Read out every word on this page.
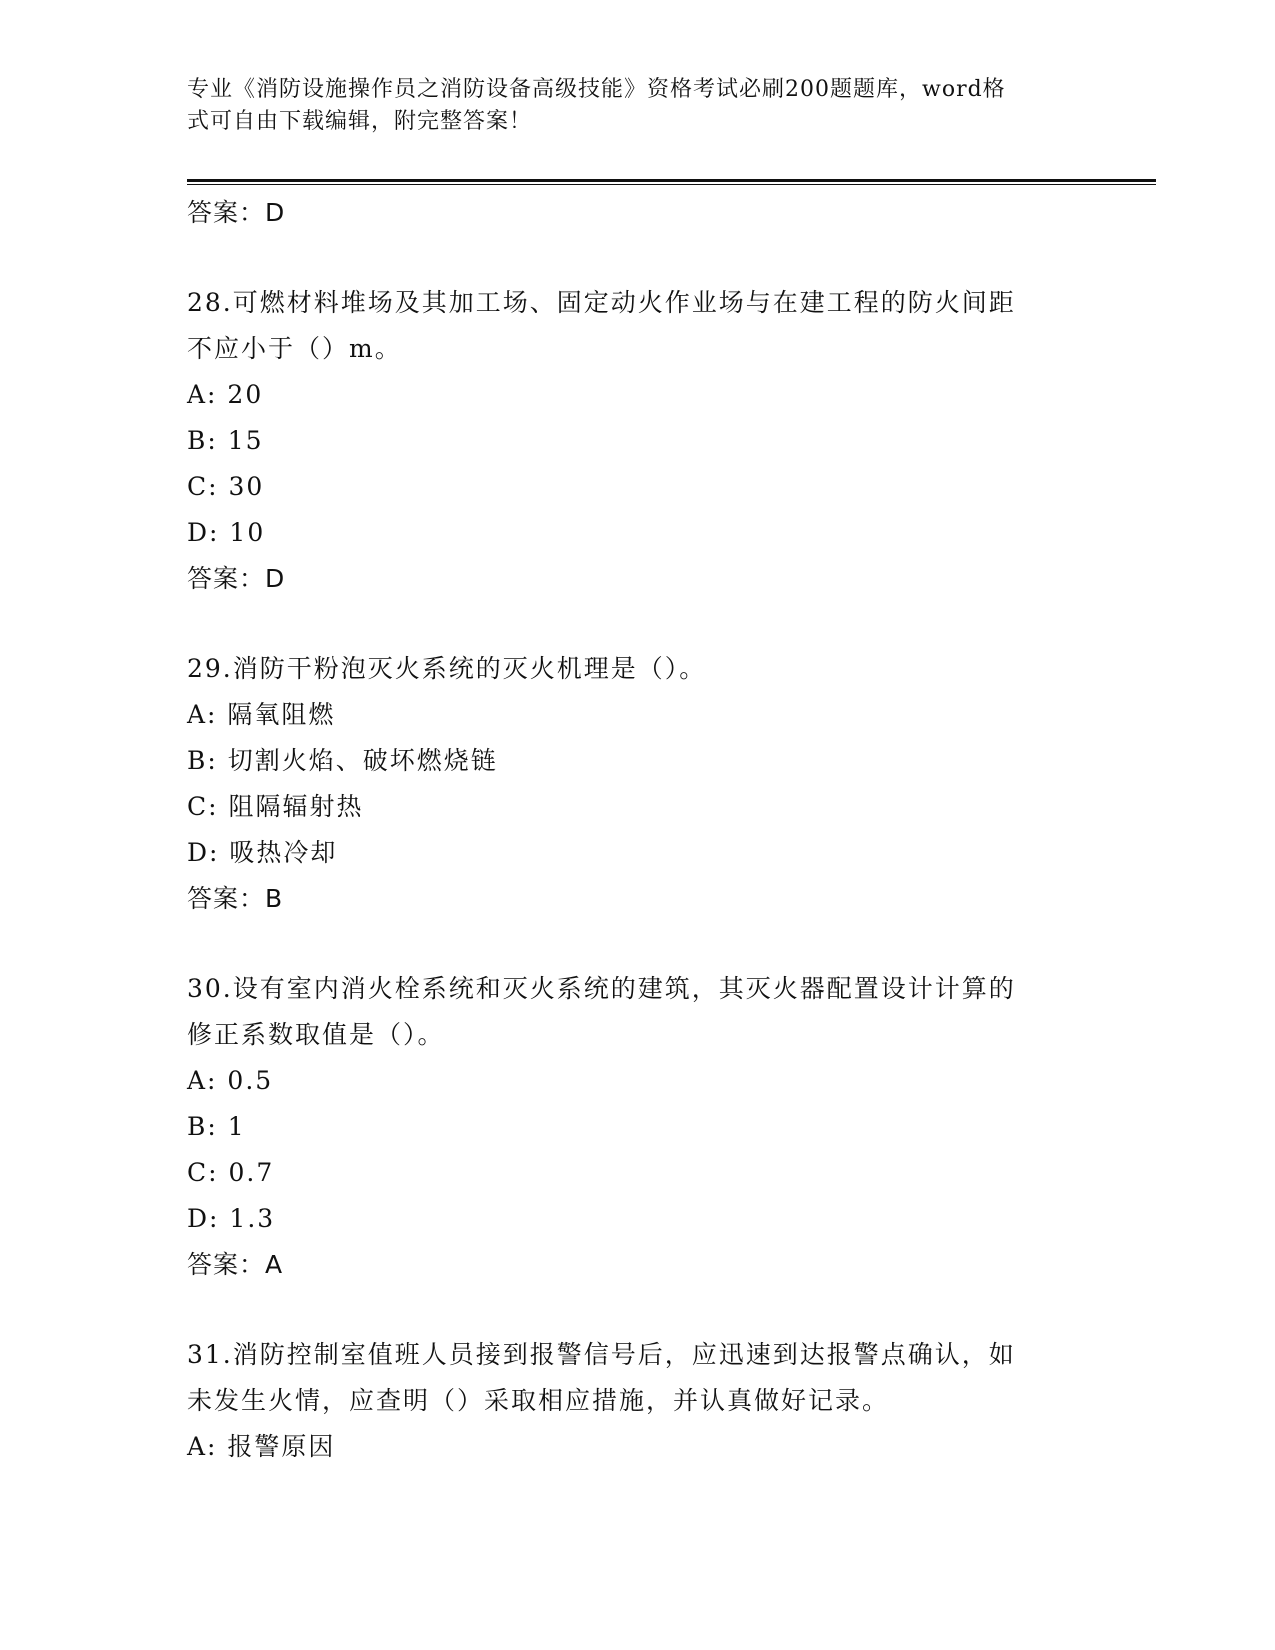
专业《消防设施操作员之消防设备高级技能》资格考试必刷200题题库，word格
式可自由下载编辑，附完整答案！
答案：D
28.可燃材料堆场及其加工场、固定动火作业场与在建工程的防火间距
不应小于（）m。
A: 20
B: 15
C: 30
D: 10
答案：D
29.消防干粉泡灭火系统的灭火机理是（）。
A: 隔氧阻燃
B: 切割火焰、破坏燃烧链
C: 阻隔辐射热
D: 吸热冷却
答案：B
30.设有室内消火栓系统和灭火系统的建筑，其灭火器配置设计计算的
修正系数取值是（）。
A: 0.5
B: 1
C: 0.7
D: 1.3
答案：A
31.消防控制室值班人员接到报警信号后，应迅速到达报警点确认，如
未发生火情，应查明（）采取相应措施，并认真做好记录。
A: 报警原因
